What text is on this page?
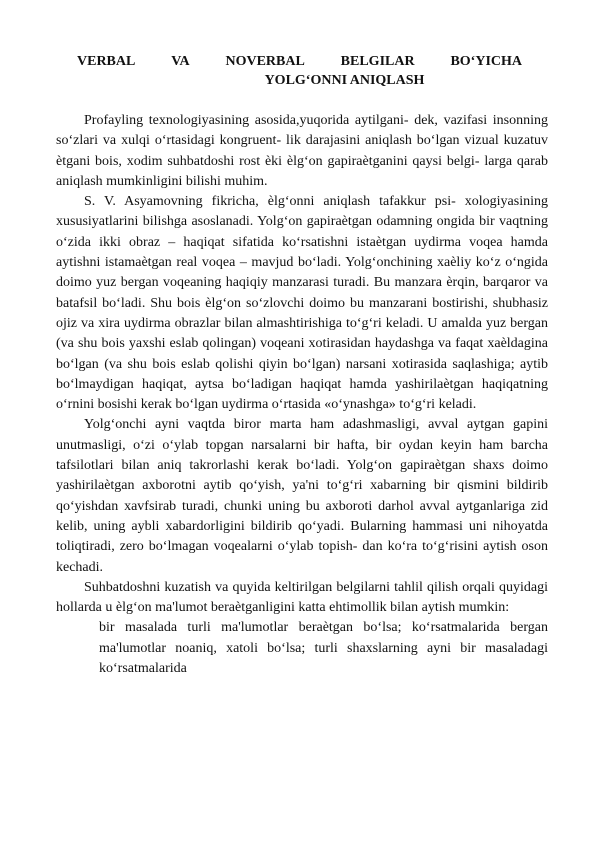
VERBAL	VA	NOVERBAL	BELGILAR	BO‘YICHA
YOLG‘ONNI ANIQLASH

Profayling texnologiyasining asosida,yuqorida aytilgani- dek, vazifasi insonning so‘zlari va xulqi o‘rtasidagi kongruent- lik darajasini aniqlash bo‘lgan vizual kuzatuv ètgani bois, xodim suhbatdoshi rost èki èlg‘on gapiraètganini qaysi belgi- larga qarab aniqlash mumkinligini bilishi muhim.

S. V. Asyamovning fikricha, èlg‘onni aniqlash tafakkur psi- xologiyasining xususiyatlarini bilishga asoslanadi. Yolg‘on gapiraètgan odamning ongida bir vaqtning o‘zida ikki obraz – haqiqat sifatida ko‘rsatishni istaètgan uydirma voqea hamda aytishni istamaètgan real voqea – mavjud bo‘ladi. Yolg‘onchining xaèliy ko‘z o‘ngida doimo yuz bergan voqeaning haqiqiy manzarasi turadi. Bu manzara èrqin, barqaror va batafsil bo‘ladi. Shu bois èlg‘on so‘zlovchi doimo bu manzarani bostirishi, shubhasiz ojiz va xira uydirma obrazlar bilan almashtirishiga to‘g‘ri keladi. U amalda yuz bergan (va shu bois yaxshi eslab qolingan) voqeani xotirasidan haydashga va faqat xaèldagina bo‘lgan (va shu bois eslab qolishi qiyin bo‘lgan) narsani xotirasida saqlashiga; aytib bo‘lmaydigan haqiqat, aytsa bo‘ladigan haqiqat hamda yashirilaètgan haqiqatning o‘rnini bosishi kerak bo‘lgan uydirma o‘rtasida «o‘ynashga» to‘g‘ri keladi.

Yolg‘onchi ayni vaqtda biror marta ham adashmasligi, avval aytgan gapini unutmasligi, o‘zi o‘ylab topgan narsalarni bir hafta, bir oydan keyin ham barcha tafsilotlari bilan aniq takrorlashi kerak bo‘ladi. Yolg‘on gapiraètgan shaxs doimo yashirilaètgan axborotni aytib qo‘yish, ya'ni to‘g‘ri xabarning bir qismini bildirib qo‘yishdan xavfsirab turadi, chunki uning bu axboroti darhol avval aytganlariga zid kelib, uning aybli xabardorligini bildirib qo‘yadi. Bularning hammasi uni nihoyatda toliqtiradi, zero bo‘lmagan voqealarni o‘ylab topish- dan ko‘ra to‘g‘risini aytish oson kechadi.

Suhbatdoshni kuzatish va quyida keltirilgan belgilarni tahlil qilish orqali quyidagi hollarda u èlg‘on ma'lumot beraètganligini katta ehtimollik bilan aytish mumkin:

bir masalada turli ma'lumotlar beraètgan bo‘lsa; ko‘rsatmalarida bergan ma'lumotlar noaniq, xatoli bo‘lsa; turli shaxslarning ayni bir masaladagi ko‘rsatmalarida
